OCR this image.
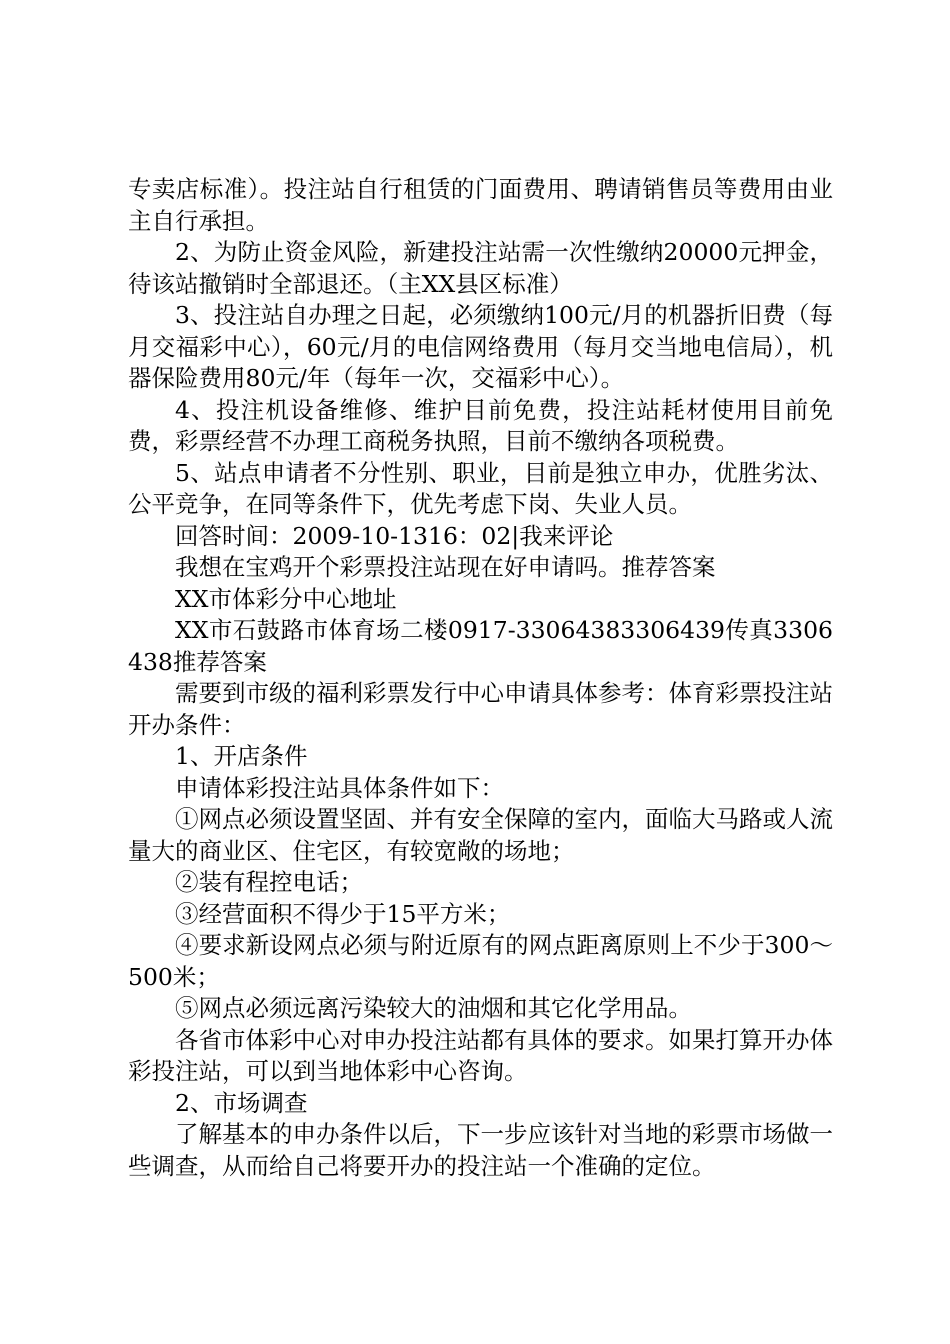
专卖店标准）。投注站自行租赁的门面费用、聘请销售员等费用由业主自行承担。

2、为防止资金风险，新建投注站需一次性缴纳20000元押金，待该站撤销时全部退还。（主XX县区标准）

3、投注站自办理之日起，必须缴纳100元/月的机器折旧费（每月交福彩中心），60元/月的电信网络费用（每月交当地电信局），机器保险费用80元/年（每年一次，交福彩中心）。

4、投注机设备维修、维护目前免费，投注站耗材使用目前免费，彩票经营不办理工商税务执照，目前不缴纳各项税费。

5、站点申请者不分性别、职业，目前是独立申办，优胜劣汰、公平竞争，在同等条件下，优先考虑下岗、失业人员。

回答时间：2009-10-1316：02|我来评论

我想在宝鸡开个彩票投注站现在好申请吗。推荐答案

XX市体彩分中心地址

XX市石鼓路市体育场二楼0917-33064383306439传真3306438推荐答案

需要到市级的福利彩票发行中心申请具体参考：体育彩票投注站开办条件：

1、开店条件

申请体彩投注站具体条件如下：

①网点必须设置坚固、并有安全保障的室内，面临大马路或人流量大的商业区、住宅区，有较宽敞的场地；

②装有程控电话；

③经营面积不得少于15平方米；

④要求新设网点必须与附近原有的网点距离原则上不少于300～500米；

⑤网点必须远离污染较大的油烟和其它化学用品。

各省市体彩中心对申办投注站都有具体的要求。如果打算开办体彩投注站，可以到当地体彩中心咨询。

2、市场调查

了解基本的申办条件以后，下一步应该针对当地的彩票市场做一些调查，从而给自己将要开办的投注站一个准确的定位。
